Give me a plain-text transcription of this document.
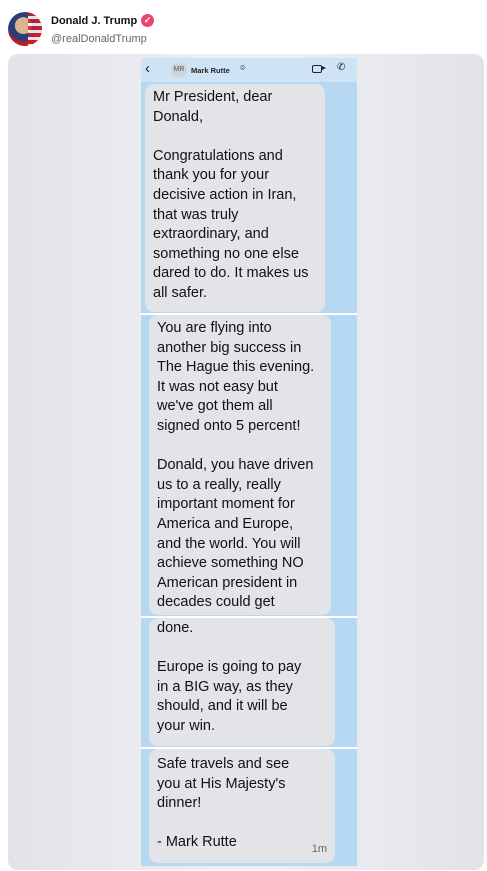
Donald J. Trump ✓
@realDonaldTrump
‹	MR Mark Rutte ⌾	✆

Mr President, dear
Donald,

Congratulations and
thank you for your
decisive action in Iran,
that was truly
extraordinary, and
something no one else
dared to do. It makes us
all safer.

You are flying into
another big success in
The Hague this evening.
It was not easy but
we've got them all
signed onto 5 percent!

Donald, you have driven
us to a really, really
important moment for
America and Europe,
and the world. You will
achieve something NO
American president in
decades could get

done.

Europe is going to pay
in a BIG way, as they
should, and it will be
your win.

Safe travels and see
you at His Majesty's
dinner!

- Mark Rutte	1m
